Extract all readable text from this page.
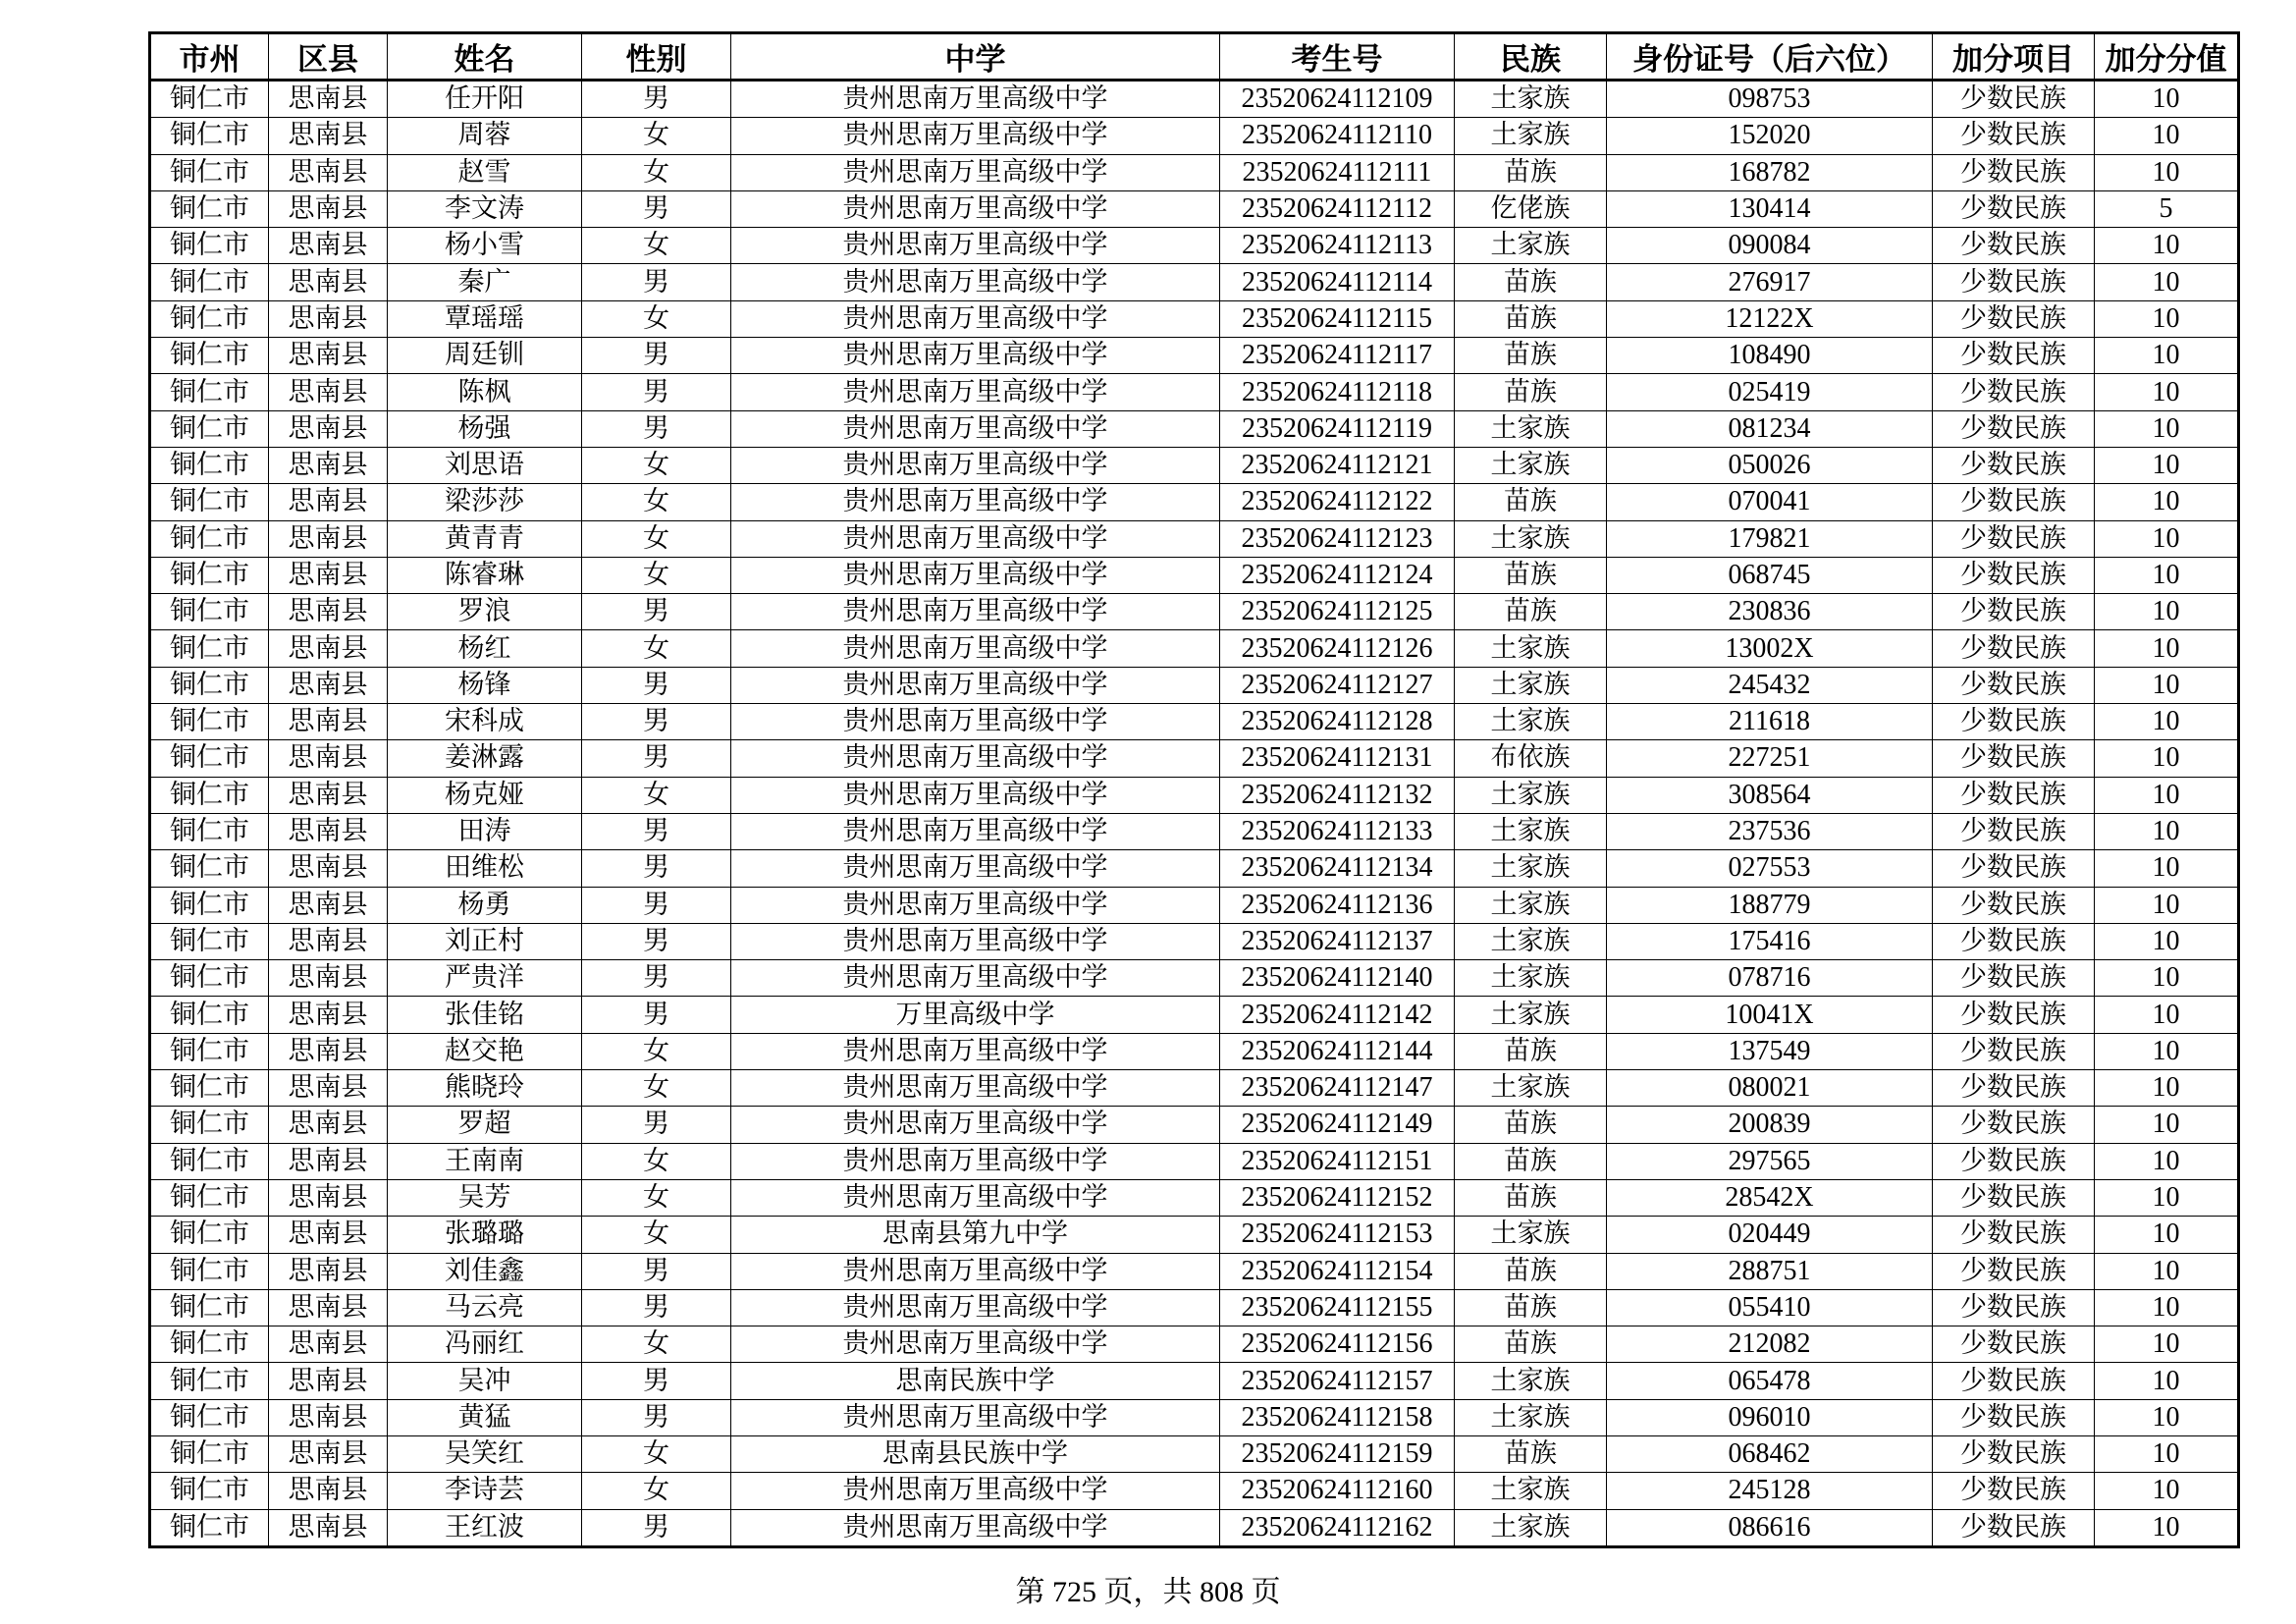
市州	区县	姓名	性别	中学	考生号	民族	身份证号（后六位）	加分项目	加分分值
铜仁市	思南县	任开阳	男	贵州思南万里高级中学	23520624112109	土家族	098753	少数民族	10
铜仁市	思南县	周蓉	女	贵州思南万里高级中学	23520624112110	土家族	152020	少数民族	10
铜仁市	思南县	赵雪	女	贵州思南万里高级中学	23520624112111	苗族	168782	少数民族	10
铜仁市	思南县	李文涛	男	贵州思南万里高级中学	23520624112112	仡佬族	130414	少数民族	5
铜仁市	思南县	杨小雪	女	贵州思南万里高级中学	23520624112113	土家族	090084	少数民族	10
铜仁市	思南县	秦广	男	贵州思南万里高级中学	23520624112114	苗族	276917	少数民族	10
铜仁市	思南县	覃瑶瑶	女	贵州思南万里高级中学	23520624112115	苗族	12122X	少数民族	10
铜仁市	思南县	周廷钏	男	贵州思南万里高级中学	23520624112117	苗族	108490	少数民族	10
铜仁市	思南县	陈枫	男	贵州思南万里高级中学	23520624112118	苗族	025419	少数民族	10
铜仁市	思南县	杨强	男	贵州思南万里高级中学	23520624112119	土家族	081234	少数民族	10
铜仁市	思南县	刘思语	女	贵州思南万里高级中学	23520624112121	土家族	050026	少数民族	10
铜仁市	思南县	梁莎莎	女	贵州思南万里高级中学	23520624112122	苗族	070041	少数民族	10
铜仁市	思南县	黄青青	女	贵州思南万里高级中学	23520624112123	土家族	179821	少数民族	10
铜仁市	思南县	陈睿琳	女	贵州思南万里高级中学	23520624112124	苗族	068745	少数民族	10
铜仁市	思南县	罗浪	男	贵州思南万里高级中学	23520624112125	苗族	230836	少数民族	10
铜仁市	思南县	杨红	女	贵州思南万里高级中学	23520624112126	土家族	13002X	少数民族	10
铜仁市	思南县	杨锋	男	贵州思南万里高级中学	23520624112127	土家族	245432	少数民族	10
铜仁市	思南县	宋科成	男	贵州思南万里高级中学	23520624112128	土家族	211618	少数民族	10
铜仁市	思南县	姜淋露	男	贵州思南万里高级中学	23520624112131	布依族	227251	少数民族	10
铜仁市	思南县	杨克娅	女	贵州思南万里高级中学	23520624112132	土家族	308564	少数民族	10
铜仁市	思南县	田涛	男	贵州思南万里高级中学	23520624112133	土家族	237536	少数民族	10
铜仁市	思南县	田维松	男	贵州思南万里高级中学	23520624112134	土家族	027553	少数民族	10
铜仁市	思南县	杨勇	男	贵州思南万里高级中学	23520624112136	土家族	188779	少数民族	10
铜仁市	思南县	刘正村	男	贵州思南万里高级中学	23520624112137	土家族	175416	少数民族	10
铜仁市	思南县	严贵洋	男	贵州思南万里高级中学	23520624112140	土家族	078716	少数民族	10
铜仁市	思南县	张佳铭	男	万里高级中学	23520624112142	土家族	10041X	少数民族	10
铜仁市	思南县	赵交艳	女	贵州思南万里高级中学	23520624112144	苗族	137549	少数民族	10
铜仁市	思南县	熊晓玲	女	贵州思南万里高级中学	23520624112147	土家族	080021	少数民族	10
铜仁市	思南县	罗超	男	贵州思南万里高级中学	23520624112149	苗族	200839	少数民族	10
铜仁市	思南县	王南南	女	贵州思南万里高级中学	23520624112151	苗族	297565	少数民族	10
铜仁市	思南县	吴芳	女	贵州思南万里高级中学	23520624112152	苗族	28542X	少数民族	10
铜仁市	思南县	张璐璐	女	思南县第九中学	23520624112153	土家族	020449	少数民族	10
铜仁市	思南县	刘佳鑫	男	贵州思南万里高级中学	23520624112154	苗族	288751	少数民族	10
铜仁市	思南县	马云亮	男	贵州思南万里高级中学	23520624112155	苗族	055410	少数民族	10
铜仁市	思南县	冯丽红	女	贵州思南万里高级中学	23520624112156	苗族	212082	少数民族	10
铜仁市	思南县	吴冲	男	思南民族中学	23520624112157	土家族	065478	少数民族	10
铜仁市	思南县	黄猛	男	贵州思南万里高级中学	23520624112158	土家族	096010	少数民族	10
铜仁市	思南县	吴笑红	女	思南县民族中学	23520624112159	苗族	068462	少数民族	10
铜仁市	思南县	李诗芸	女	贵州思南万里高级中学	23520624112160	土家族	245128	少数民族	10
铜仁市	思南县	王红波	男	贵州思南万里高级中学	23520624112162	土家族	086616	少数民族	10
第 725 页，共 808 页
